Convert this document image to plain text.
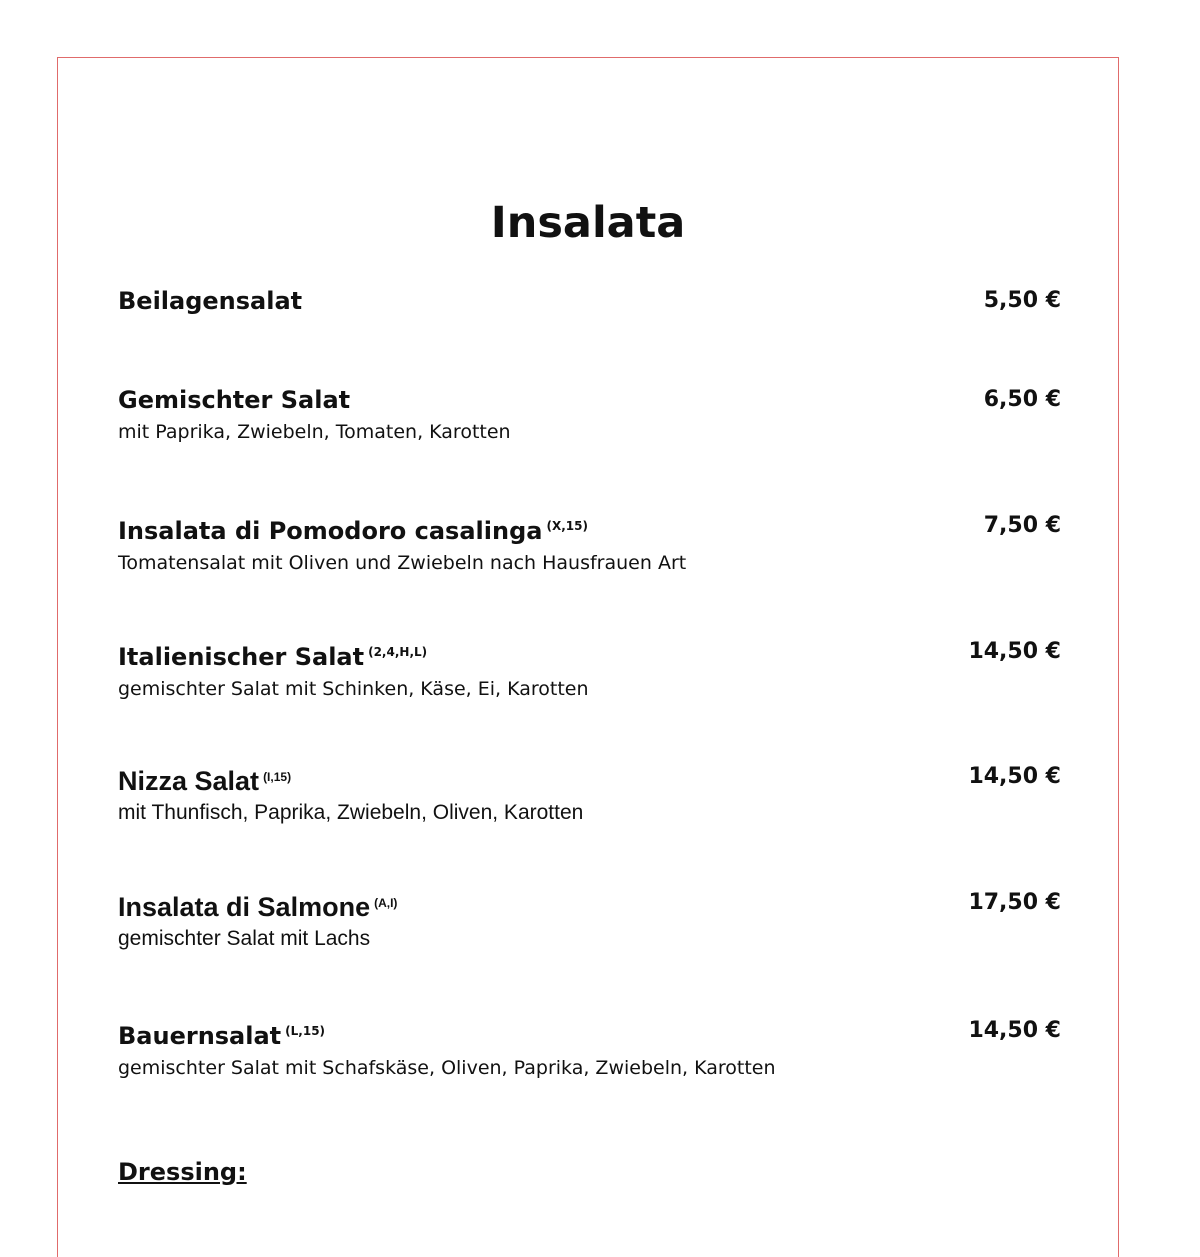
Insalata
Beilagensalat	5,50 €
Gemischter Salat
mit Paprika, Zwiebeln, Tomaten, Karotten
6,50 €
Insalata di Pomodoro casalinga $^{(X,15)}$
Tomatensalat mit Oliven und Zwiebeln nach Hausfrauen Art
7,50 €
Italienischer Salat $^{(2,4,H,L)}$
gemischter Salat mit Schinken, Käse, Ei, Karotten
14,50 €
Nizza Salat $^{(I,15)}$
mit Thunfisch, Paprika, Zwiebeln, Oliven, Karotten
14,50 €
Insalata di Salmone $^{(A,I)}$
gemischter Salat mit Lachs
17,50 €
Bauernsalat $^{(L,15)}$
gemischter Salat mit Schafskäse, Oliven, Paprika, Zwiebeln, Karotten
14,50 €
Dressing:
